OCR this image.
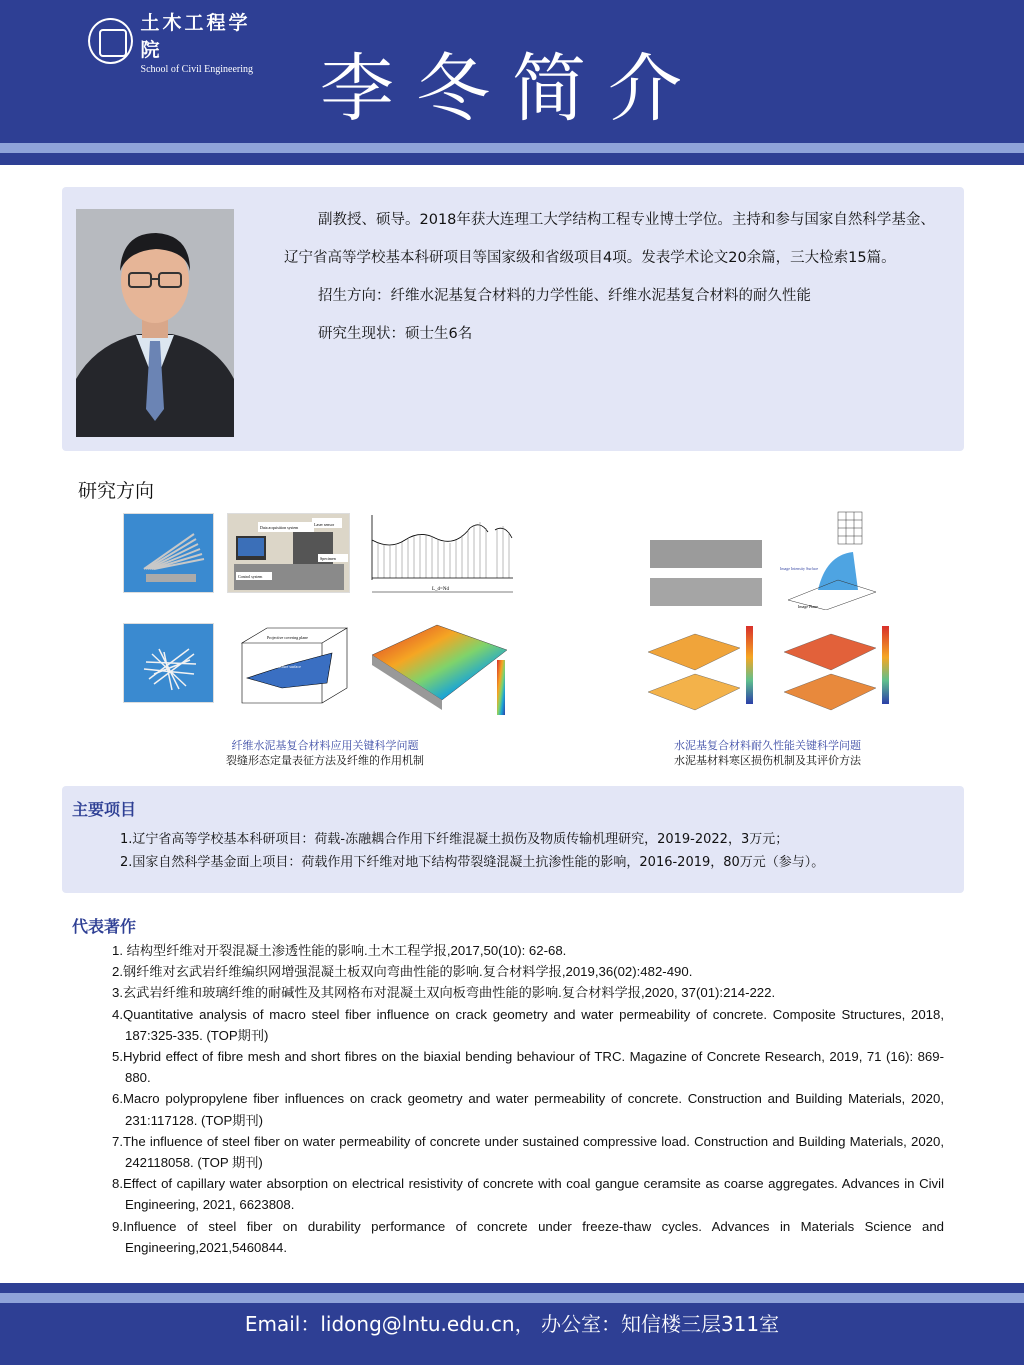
土木工程学院
School of Civil Engineering 李冬简介

副教授、硕导。2018年获大连理工大学结构工程专业博士学位。主持和参与国家自然科学基金、辽宁省高等学校基本科研项目等国家级和省级项目4项。发表学术论文20余篇，三大检索15篇。

招生方向：纤维水泥基复合材料的力学性能、纤维水泥基复合材料的耐久性能
研究生现状：硕士生6名
研究方向
Laser sensor
Data acquisition system
Specimen
Control system
L_d=Nd
Projective covering plane
Fracture surface
纤维水泥基复合材料应用关键科学问题
裂缝形态定量表征方法及纤维的作用机制
Image Intensity Surface
Image Plane
水泥基复合材料耐久性能关键科学问题
水泥基材料寒区损伤机制及其评价方法
主要项目
1.辽宁省高等学校基本科研项目：荷载-冻融耦合作用下纤维混凝土损伤及物质传输机理研究，2019-2022，3万元；
2.国家自然科学基金面上项目：荷载作用下纤维对地下结构带裂缝混凝土抗渗性能的影响，2016-2019，80万元（参与）。
代表著作
1. 结构型纤维对开裂混凝土渗透性能的影响.土木工程学报,2017,50(10): 62-68.
2.钢纤维对玄武岩纤维编织网增强混凝土板双向弯曲性能的影响.复合材料学报,2019,36(02):482-490.
3.玄武岩纤维和玻璃纤维的耐碱性及其网格布对混凝土双向板弯曲性能的影响.复合材料学报,2020, 37(01):214-222.
4.Quantitative analysis of macro steel fiber influence on crack geometry and water permeability of concrete. Composite Structures, 2018, 187:325-335. (TOP期刊)
5.Hybrid effect of fibre mesh and short fibres on the biaxial bending behaviour of TRC. Magazine of Concrete Research, 2019, 71 (16): 869-880.
6.Macro polypropylene fiber influences on crack geometry and water permeability of concrete. Construction and Building Materials, 2020, 231:117128. (TOP期刊)
7.The influence of steel fiber on water permeability of concrete under sustained compressive load. Construction and Building Materials, 2020, 242118058. (TOP 期刊)
8.Effect of capillary water absorption on electrical resistivity of concrete with coal gangue ceramsite as coarse aggregates. Advances in Civil Engineering, 2021, 6623808.
9.Influence of steel fiber on durability performance of concrete under freeze-thaw cycles. Advances in Materials Science and Engineering,2021,5460844.
Email：lidong@lntu.edu.cn， 办公室：知信楼三层311室
